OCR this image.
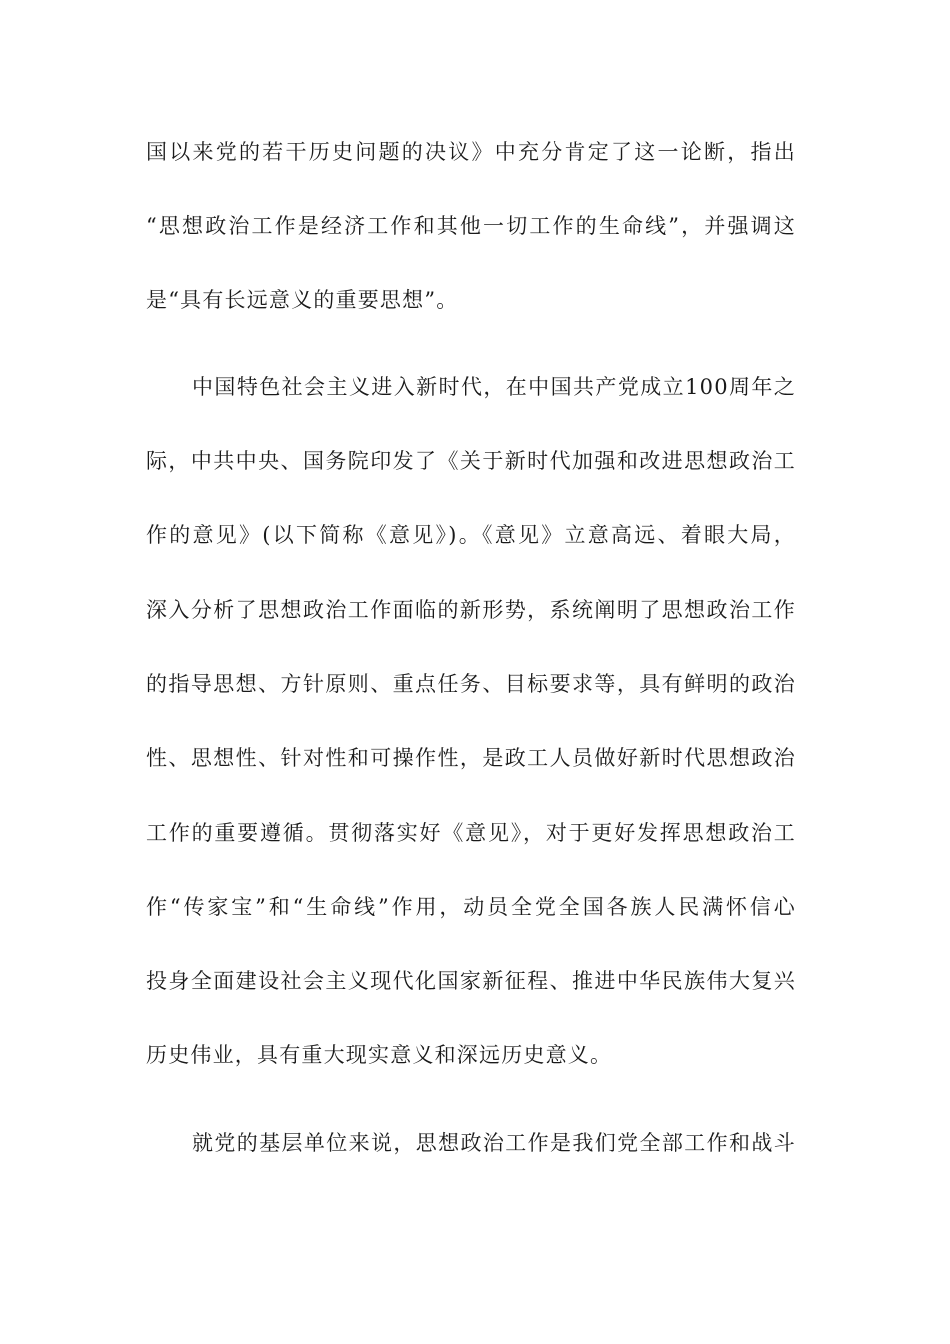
国以来党的若干历史问题的决议》中充分肯定了这一论断，指出
“思想政治工作是经济工作和其他一切工作的生命线”，并强调这
是“具有长远意义的重要思想”。
中国特色社会主义进入新时代，在中国共产党成立100周年之
际，中共中央、国务院印发了《关于新时代加强和改进思想政治工
作的意见》(以下简称《意见》)。《意见》立意高远、着眼大局，
深入分析了思想政治工作面临的新形势，系统阐明了思想政治工作
的指导思想、方针原则、重点任务、目标要求等，具有鲜明的政治
性、思想性、针对性和可操作性，是政工人员做好新时代思想政治
工作的重要遵循。贯彻落实好《意见》，对于更好发挥思想政治工
作“传家宝”和“生命线”作用，动员全党全国各族人民满怀信心
投身全面建设社会主义现代化国家新征程、推进中华民族伟大复兴
历史伟业，具有重大现实意义和深远历史意义。
就党的基层单位来说，思想政治工作是我们党全部工作和战斗
